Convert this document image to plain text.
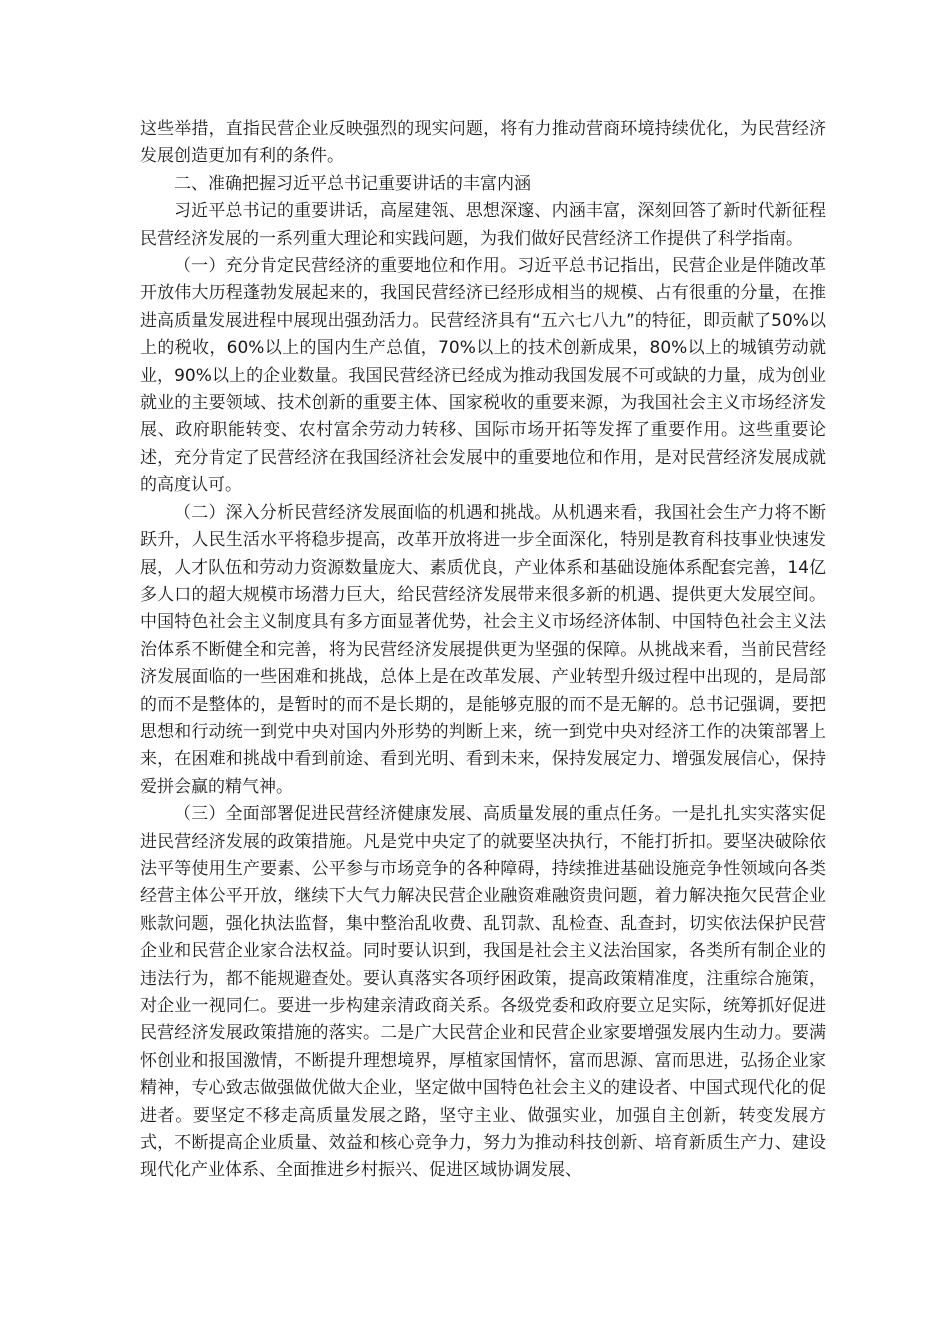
这些举措，直指民营企业反映强烈的现实问题，将有力推动营商环境持续优化，为民营经济发展创造更加有利的条件。

二、准确把握习近平总书记重要讲话的丰富内涵

习近平总书记的重要讲话，高屋建瓴、思想深邃、内涵丰富，深刻回答了新时代新征程民营经济发展的一系列重大理论和实践问题，为我们做好民营经济工作提供了科学指南。

（一）充分肯定民营经济的重要地位和作用。习近平总书记指出，民营企业是伴随改革开放伟大历程蓬勃发展起来的，我国民营经济已经形成相当的规模、占有很重的分量，在推进高质量发展进程中展现出强劲活力。民营经济具有“五六七八九”的特征，即贡献了50%以上的税收，60%以上的国内生产总值，70%以上的技术创新成果，80%以上的城镇劳动就业，90%以上的企业数量。我国民营经济已经成为推动我国发展不可或缺的力量，成为创业就业的主要领域、技术创新的重要主体、国家税收的重要来源，为我国社会主义市场经济发展、政府职能转变、农村富余劳动力转移、国际市场开拓等发挥了重要作用。这些重要论述，充分肯定了民营经济在我国经济社会发展中的重要地位和作用，是对民营经济发展成就的高度认可。

（二）深入分析民营经济发展面临的机遇和挑战。从机遇来看，我国社会生产力将不断跃升，人民生活水平将稳步提高，改革开放将进一步全面深化，特别是教育科技事业快速发展，人才队伍和劳动力资源数量庞大、素质优良，产业体系和基础设施体系配套完善，14亿多人口的超大规模市场潜力巨大，给民营经济发展带来很多新的机遇、提供更大发展空间。中国特色社会主义制度具有多方面显著优势，社会主义市场经济体制、中国特色社会主义法治体系不断健全和完善，将为民营经济发展提供更为坚强的保障。从挑战来看，当前民营经济发展面临的一些困难和挑战，总体上是在改革发展、产业转型升级过程中出现的，是局部的而不是整体的，是暂时的而不是长期的，是能够克服的而不是无解的。总书记强调，要把思想和行动统一到党中央对国内外形势的判断上来，统一到党中央对经济工作的决策部署上来，在困难和挑战中看到前途、看到光明、看到未来，保持发展定力、增强发展信心，保持爱拼会赢的精气神。

（三）全面部署促进民营经济健康发展、高质量发展的重点任务。一是扎扎实实落实促进民营经济发展的政策措施。凡是党中央定了的就要坚决执行，不能打折扣。要坚决破除依法平等使用生产要素、公平参与市场竞争的各种障碍，持续推进基础设施竞争性领域向各类经营主体公平开放，继续下大气力解决民营企业融资难融资贵问题，着力解决拖欠民营企业账款问题，强化执法监督，集中整治乱收费、乱罚款、乱检查、乱查封，切实依法保护民营企业和民营企业家合法权益。同时要认识到，我国是社会主义法治国家，各类所有制企业的违法行为，都不能规避查处。要认真落实各项纾困政策，提高政策精准度，注重综合施策，对企业一视同仁。要进一步构建亲清政商关系。各级党委和政府要立足实际，统筹抓好促进民营经济发展政策措施的落实。二是广大民营企业和民营企业家要增强发展内生动力。要满怀创业和报国激情，不断提升理想境界，厚植家国情怀，富而思源、富而思进，弘扬企业家精神，专心致志做强做优做大企业，坚定做中国特色社会主义的建设者、中国式现代化的促进者。要坚定不移走高质量发展之路，坚守主业、做强实业，加强自主创新，转变发展方式，不断提高企业质量、效益和核心竞争力，努力为推动科技创新、培育新质生产力、建设现代化产业体系、全面推进乡村振兴、促进区域协调发展、
